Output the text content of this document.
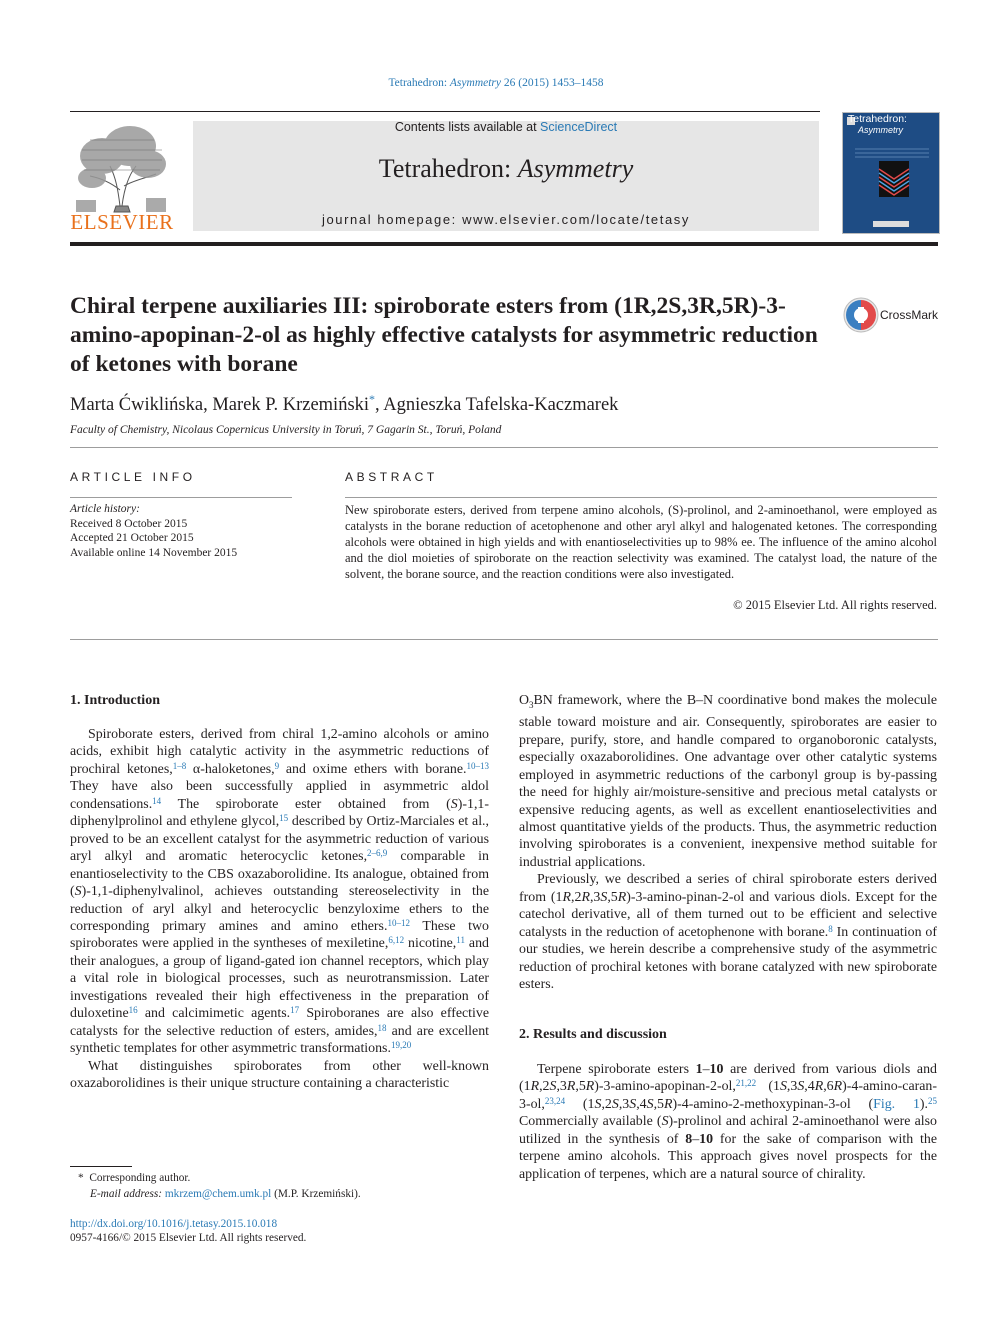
Tetrahedron: Asymmetry 26 (2015) 1453–1458
ELSEVIER
Contents lists available at ScienceDirect
Tetrahedron: Asymmetry
journal homepage: www.elsevier.com/locate/tetasy
Tetrahedron:
Asymmetry
Chiral terpene auxiliaries III: spiroborate esters from (1R,2S,3R,5R)-3-amino-apopinan-2-ol as highly effective catalysts for asymmetric reduction of ketones with borane
CrossMark
Marta Ćwiklińska, Marek P. Krzemiński*, Agnieszka Tafelska-Kaczmarek
Faculty of Chemistry, Nicolaus Copernicus University in Toruń, 7 Gagarin St., Toruń, Poland
ARTICLE INFO
Article history:
Received 8 October 2015
Accepted 21 October 2015
Available online 14 November 2015
ABSTRACT
New spiroborate esters, derived from terpene amino alcohols, (S)-prolinol, and 2-aminoethanol, were employed as catalysts in the borane reduction of acetophenone and other aryl alkyl and halogenated ketones. The corresponding alcohols were obtained in high yields and with enantioselectivities up to 98% ee. The influence of the amino alcohol and the diol moieties of spiroborate on the reaction selectivity was examined. The catalyst load, the nature of the solvent, the borane source, and the reaction conditions were also investigated.
© 2015 Elsevier Ltd. All rights reserved.
1. Introduction

Spiroborate esters, derived from chiral 1,2-amino alcohols or amino acids, exhibit high catalytic activity in the asymmetric reductions of prochiral ketones,$^{1-8}$ α-haloketones,$^9$ and oxime ethers with borane.$^{10-13}$ They have also been successfully applied in asymmetric aldol condensations.$^{14}$ The spiroborate ester obtained from (S)-1,1-diphenylprolinol and ethylene glycol,$^{15}$ described by Ortiz-Marciales et al., proved to be an excellent catalyst for the asymmetric reduction of various aryl alkyl and aromatic heterocyclic ketones,$^{2-6,9}$ comparable in enantioselectivity to the CBS oxazaborolidine. Its analogue, obtained from (S)-1,1-diphenylvalinol, achieves outstanding stereoselectivity in the reduction of aryl alkyl and heterocyclic benzyloxime ethers to the corresponding primary amines and amino ethers.$^{10-12}$ These two spiroborates were applied in the syntheses of mexiletine,$^{6,12}$ nicotine,$^{11}$ and their analogues, a group of ligand-gated ion channel receptors, which play a vital role in biological processes, such as neurotransmission. Later investigations revealed their high effectiveness in the preparation of duloxetine$^{16}$ and calcimimetic agents.$^{17}$ Spiroboranes are also effective catalysts for the selective reduction of esters, amides,$^{18}$ and are excellent synthetic templates for other asymmetric transformations.$^{19,20}$

What distinguishes spiroborates from other well-known oxazaborolidines is their unique structure containing a characteristic

$O_3BN$ framework, where the B–N coordinative bond makes the molecule stable toward moisture and air. Consequently, spiroborates are easier to prepare, purify, store, and handle compared to organoboronic catalysts, especially oxazaborolidines. One advantage over other catalytic systems employed in asymmetric reductions of the carbonyl group is by-passing the need for highly air/moisture-sensitive and precious metal catalysts or expensive reducing agents, as well as excellent enantioselectivities and almost quantitative yields of the products. Thus, the asymmetric reduction involving spiroborates is a convenient, inexpensive method suitable for industrial applications.

Previously, we described a series of chiral spiroborate esters derived from (1R,2R,3S,5R)-3-amino-pinan-2-ol and various diols. Except for the catechol derivative, all of them turned out to be efficient and selective catalysts in the reduction of acetophenone with borane.$^8$ In continuation of our studies, we herein describe a comprehensive study of the asymmetric reduction of prochiral ketones with borane catalyzed with new spiroborate esters.

2. Results and discussion

Terpene spiroborate esters 1–10 are derived from various diols and (1R,2S,3R,5R)-3-amino-apopinan-2-ol,$^{21,22}$ (1S,3S,4R,6R)-4-amino-caran-3-ol,$^{23,24}$ (1S,2S,3S,4S,5R)-4-amino-2-methoxypinan-3-ol (Fig. 1).$^{25}$ Commercially available (S)-prolinol and achiral 2-aminoethanol were also utilized in the synthesis of 8–10 for the sake of comparison with the terpene amino alcohols. This approach gives novel prospects for the application of terpenes, which are a natural source of chirality.

* Corresponding author.
E-mail address: mkrzem@chem.umk.pl (M.P. Krzemiński).
http://dx.doi.org/10.1016/j.tetasy.2015.10.018
0957-4166/© 2015 Elsevier Ltd. All rights reserved.
